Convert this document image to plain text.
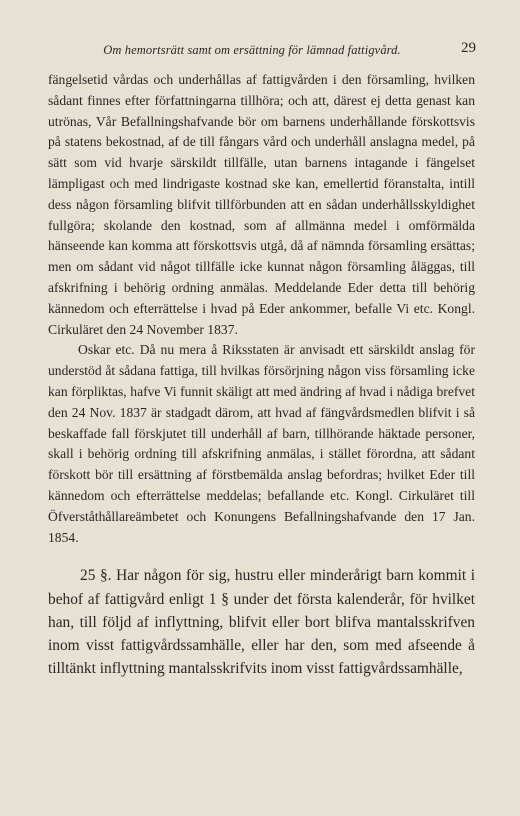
Om hemortsrätt samt om ersättning för lämnad fattigvård.	29

fängelsetid vårdas och underhållas af fattigvården i den församling, hvilken sådant finnes efter författningarna tillhöra; och att, därest ej detta genast kan utrönas, Vår Befallningshafvande bör om barnens underhållande förskottsvis på statens bekostnad, af de till fångars vård och underhåll anslagna medel, på sätt som vid hvarje särskildt tillfälle, utan barnens intagande i fängelset lämpligast och med lindrigaste kostnad ske kan, emellertid föranstalta, intill dess någon församling blifvit tillförbunden att en sådan underhållsskyldighet fullgöra; skolande den kostnad, som af allmänna medel i omförmälda hänseende kan komma att förskottsvis utgå, då af nämnda församling ersättas; men om sådant vid något tillfälle icke kunnat någon församling åläggas, till afskrifning i behörig ordning anmälas. Meddelande Eder detta till behörig kännedom och efterrättelse i hvad på Eder ankommer, befalle Vi etc. Kongl. Cirkuläret den 24 November 1837.

Oskar etc. Då nu mera å Riksstaten är anvisadt ett särskildt anslag för understöd åt sådana fattiga, till hvilkas försörjning någon viss församling icke kan förpliktas, hafve Vi funnit skäligt att med ändring af hvad i nådiga brefvet den 24 Nov. 1837 är stadgadt därom, att hvad af fängvårdsmedlen blifvit i så beskaffade fall förskjutet till underhåll af barn, tillhörande häktade personer, skall i behörig ordning till afskrifning anmälas, i stället förordna, att sådant förskott bör till ersättning af förstbemälda anslag befordras; hvilket Eder till kännedom och efterrättelse meddelas; befallande etc. Kongl. Cirkuläret till Öfverståthållareämbetet och Konungens Befallningshafvande den 17 Jan. 1854.

25 §. Har någon för sig, hustru eller minderårigt barn kommit i behof af fattigvård enligt 1 § under det första kalenderår, för hvilket han, till följd af inflyttning, blifvit eller bort blifva mantalsskrifven inom visst fattigvårdssamhälle, eller har den, som med afseende å tilltänkt inflyttning mantalsskrifvits inom visst fattigvårdssamhälle,
